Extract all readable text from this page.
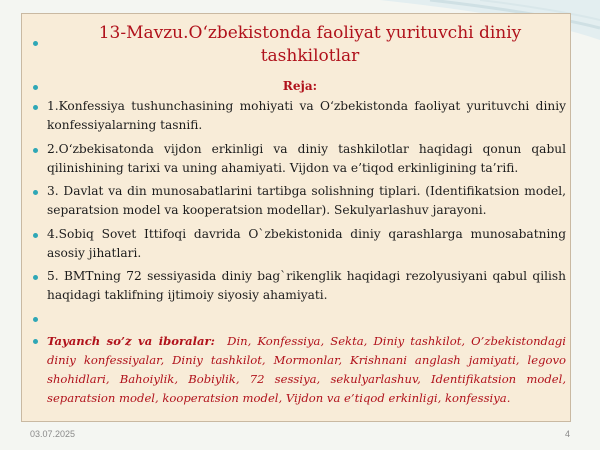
13-Mavzu.O‘zbekistonda faoliyat yurituvchi diniy tashkilotlar
Reja:
1.Konfessiya tushunchasining mohiyati va O‘zbekistonda faoliyat yurituvchi diniy konfessiyalarning tasnifi.
2.O‘zbekisatonda vijdon erkinligi va diniy tashkilotlar haqidagi qonun qabul qilinishining tarixi va uning ahamiyati. Vijdon va e’tiqod erkinligining ta’rifi.
3. Davlat va din munosabatlarini tartibga solishning tiplari. (Identifikatsion model, separatsion model va kooperatsion modellar). Sekulyarlashuv jarayoni.
4.Sobiq Sovet Ittifoqi davrida O`zbekistonida diniy qarashlarga munosabatning asosiy jihatlari.
5. BMTning 72 sessiyasida diniy bag`rikenglik haqidagi rezolyusiyani qabul qilish haqidagi taklifning ijtimoiy siyosiy ahamiyati.
Tayanch so’z va iboralar: Din, Konfessiya, Sekta, Diniy tashkilot, O’zbekistondagi diniy konfessiyalar, Diniy tashkilot, Mormonlar, Krishnani anglash jamiyati, legovo shohidlari, Bahoiylik, Bobiylik, 72 sessiya, sekulyarlashuv, Identifikatsion model, separatsion model, kooperatsion model, Vijdon va e’tiqod erkinligi, konfessiya.
03.07.2025	4
